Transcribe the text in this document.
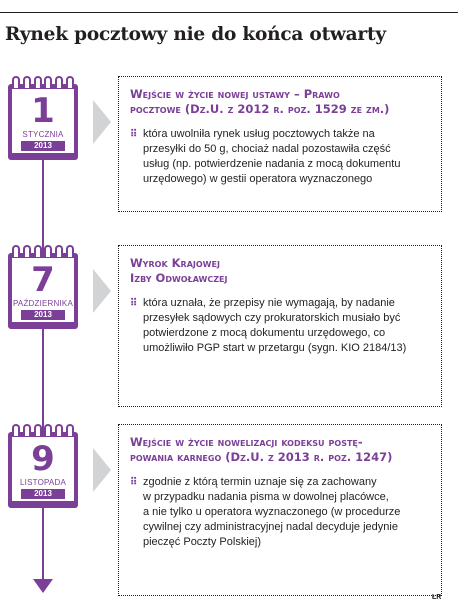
Rynek pocztowy nie do końca otwarty
1
STYCZNIA
2013
Wejście w życie nowej ustawy – Prawo
pocztowe (Dz.U. z 2012 r. poz. 1529 ze zm.)
⠿ która uwolniła rynek usług pocztowych także na
przesyłki do 50 g, chociaż nadal pozostawiła część
usług (np. potwierdzenie nadania z mocą dokumentu
urzędowego) w gestii operatora wyznaczonego
7
PAŹDZIERNIKA
2013
Wyrok Krajowej
Izby Odwoławczej
⠿ która uznała, że przepisy nie wymagają, by nadanie
przesyłek sądowych czy prokuratorskich musiało być
potwierdzone z mocą dokumentu urzędowego, co
umożliwiło PGP start w przetargu (sygn. KIO 2184/13)
9
LISTOPADA
2013
Wejście w życie nowelizacji kodeksu postę-
powania karnego (Dz.U. z 2013 r. poz. 1247)
⠿ zgodnie z którą termin uznaje się za zachowany
w przypadku nadania pisma w dowolnej placówce,
a nie tylko u operatora wyznaczonego (w procedurze
cywilnej czy administracyjnej nadal decyduje jedynie
pieczęć Poczty Polskiej)
ŁR
